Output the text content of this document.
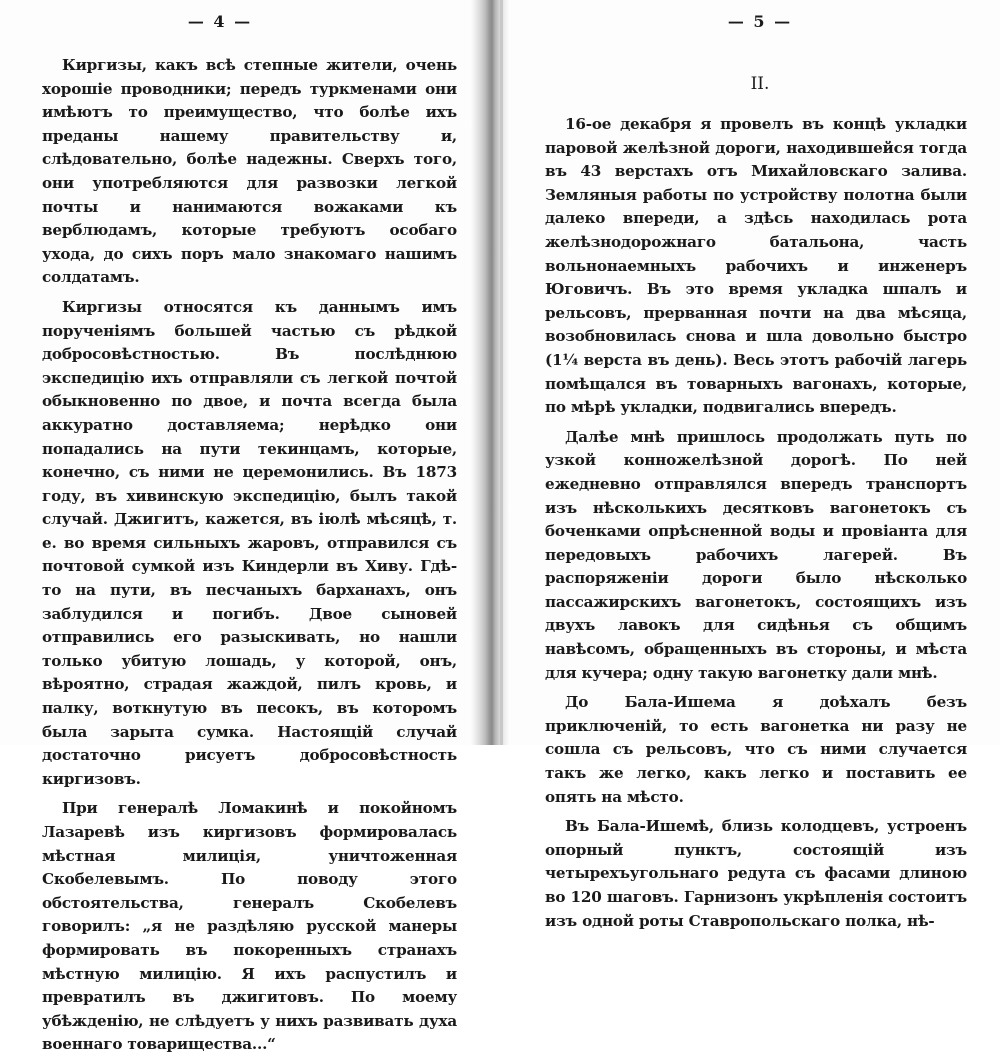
— 4 —

Киргизы, какъ всѣ степные жители, очень хорошіе проводники; передъ туркменами они имѣютъ то преимущество, что болѣе ихъ преданы нашему правительству и, слѣдовательно, болѣе надежны. Сверхъ того, они употребляются для развозки легкой почты и нанимаются вожаками къ верблюдамъ, которые требуютъ особаго ухода, до сихъ поръ мало знакомаго нашимъ солдатамъ.

Киргизы относятся къ даннымъ имъ порученіямъ большей частью съ рѣдкой добросовѣстностью. Въ послѣднюю экспедицію ихъ отправляли съ легкой почтой обыкновенно по двое, и почта всегда была аккуратно доставляема; нерѣдко они попадались на пути текинцамъ, которые, конечно, съ ними не церемонились. Въ 1873 году, въ хивинскую экспедицію, былъ такой случай. Джигитъ, кажется, въ іюлѣ мѣсяцѣ, т. е. во время сильныхъ жаровъ, отправился съ почтовой сумкой изъ Киндерли въ Хиву. Гдѣ-то на пути, въ песчаныхъ барханахъ, онъ заблудился и погибъ. Двое сыновей отправились его разыскивать, но нашли только убитую лошадь, у которой, онъ, вѣроятно, страдая жаждой, пилъ кровь, и палку, воткнутую въ песокъ, въ которомъ была зарыта сумка. Настоящій случай достаточно рисуетъ добросовѣстность киргизовъ.

При генералѣ Ломакинѣ и покойномъ Лазаревѣ изъ киргизовъ формировалась мѣстная милиція, уничтоженная Скобелевымъ. По поводу этого обстоятельства, генералъ Скобелевъ говорилъ: „я не раздѣляю русской манеры формировать въ покоренныхъ странахъ мѣстную милицію. Я ихъ распустилъ и превратилъ въ джигитовъ. По моему убѣжденію, не слѣдуетъ у нихъ развивать духа военнаго товарищества...“

— 5 —
II.

16-ое декабря я провелъ въ концѣ укладки паровой желѣзной дороги, находившейся тогда въ 43 верстахъ отъ Михайловскаго залива. Земляныя работы по устройству полотна были далеко впереди, а здѣсь находилась рота желѣзнодорожнаго батальона, часть вольнонаемныхъ рабочихъ и инженеръ Юговичъ. Въ это время укладка шпалъ и рельсовъ, прерванная почти на два мѣсяца, возобновилась снова и шла довольно быстро (1¼ верста въ день). Весь этотъ рабочій лагерь помѣщался въ товарныхъ вагонахъ, которые, по мѣрѣ укладки, подвигались впередъ.

Далѣе мнѣ пришлось продолжать путь по узкой конножелѣзной дорогѣ. По ней ежедневно отправлялся впередъ транспортъ изъ нѣсколькихъ десятковъ вагонетокъ съ боченками опрѣсненной воды и провіанта для передовыхъ рабочихъ лагерей. Въ распоряженіи дороги было нѣсколько пассажирскихъ вагонетокъ, состоящихъ изъ двухъ лавокъ для сидѣнья съ общимъ навѣсомъ, обращенныхъ въ стороны, и мѣста для кучера; одну такую вагонетку дали мнѣ.

До Бала-Ишема я доѣхалъ безъ приключеній, то есть вагонетка ни разу не сошла съ рельсовъ, что съ ними случается такъ же легко, какъ легко и поставить ее опять на мѣсто.

Въ Бала-Ишемѣ, близь колодцевъ, устроенъ опорный пунктъ, состоящій изъ четырехъугольнаго редута съ фасами длиною во 120 шаговъ. Гарнизонъ укрѣпленія состоитъ изъ одной роты Ставропольскаго полка, нѣ-
